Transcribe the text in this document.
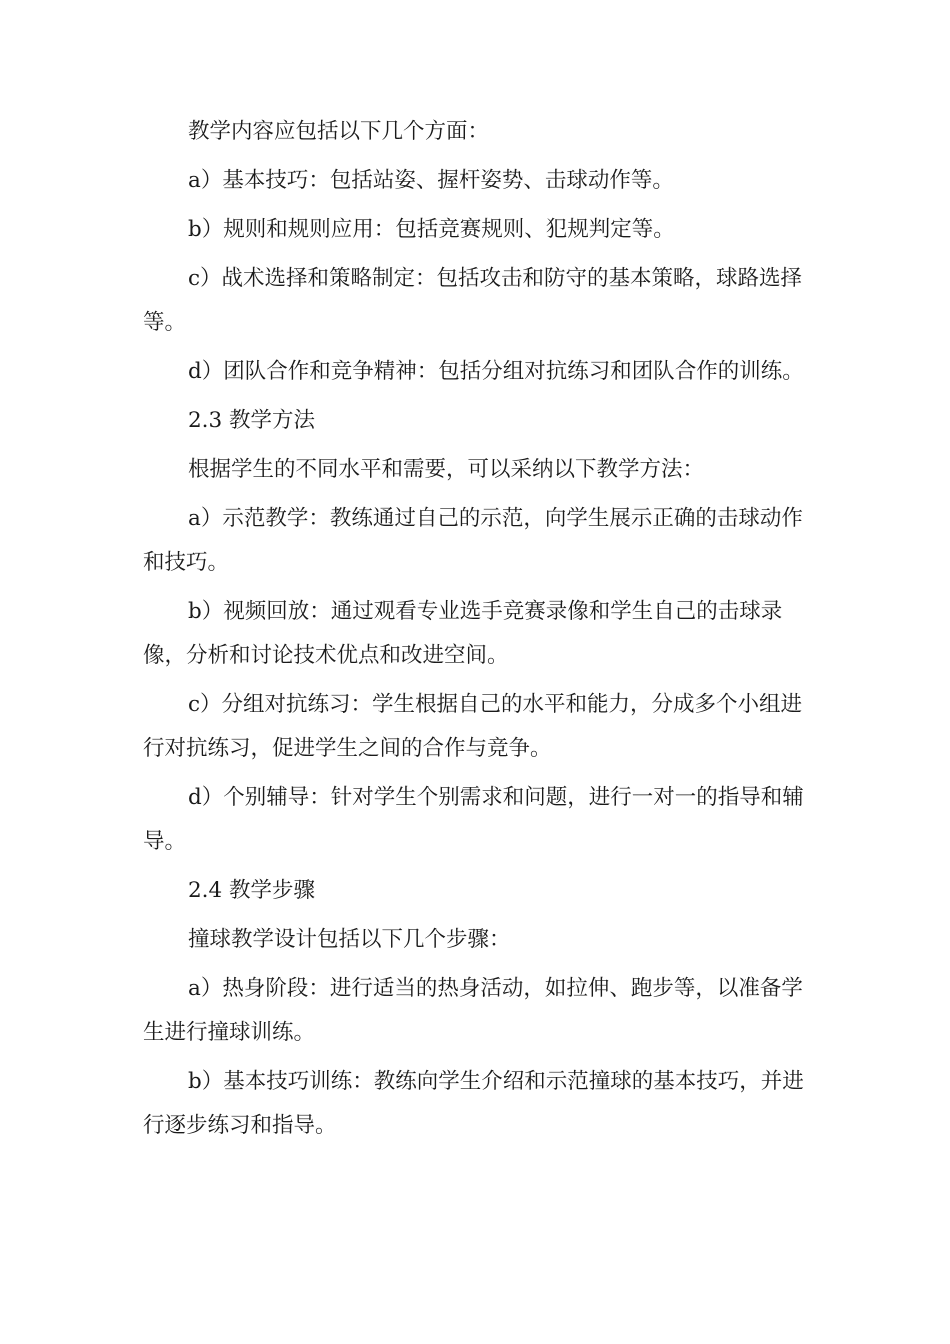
教学内容应包括以下几个方面：

a）基本技巧：包括站姿、握杆姿势、击球动作等。

b）规则和规则应用：包括竞赛规则、犯规判定等。

c）战术选择和策略制定：包括攻击和防守的基本策略，球路选择等。

d）团队合作和竞争精神：包括分组对抗练习和团队合作的训练。

2.3 教学方法

根据学生的不同水平和需要，可以采纳以下教学方法：

a）示范教学：教练通过自己的示范，向学生展示正确的击球动作和技巧。

b）视频回放：通过观看专业选手竞赛录像和学生自己的击球录像，分析和讨论技术优点和改进空间。

c）分组对抗练习：学生根据自己的水平和能力，分成多个小组进行对抗练习，促进学生之间的合作与竞争。

d）个别辅导：针对学生个别需求和问题，进行一对一的指导和辅导。

2.4 教学步骤

撞球教学设计包括以下几个步骤：

a）热身阶段：进行适当的热身活动，如拉伸、跑步等，以准备学生进行撞球训练。

b）基本技巧训练：教练向学生介绍和示范撞球的基本技巧，并进行逐步练习和指导。
